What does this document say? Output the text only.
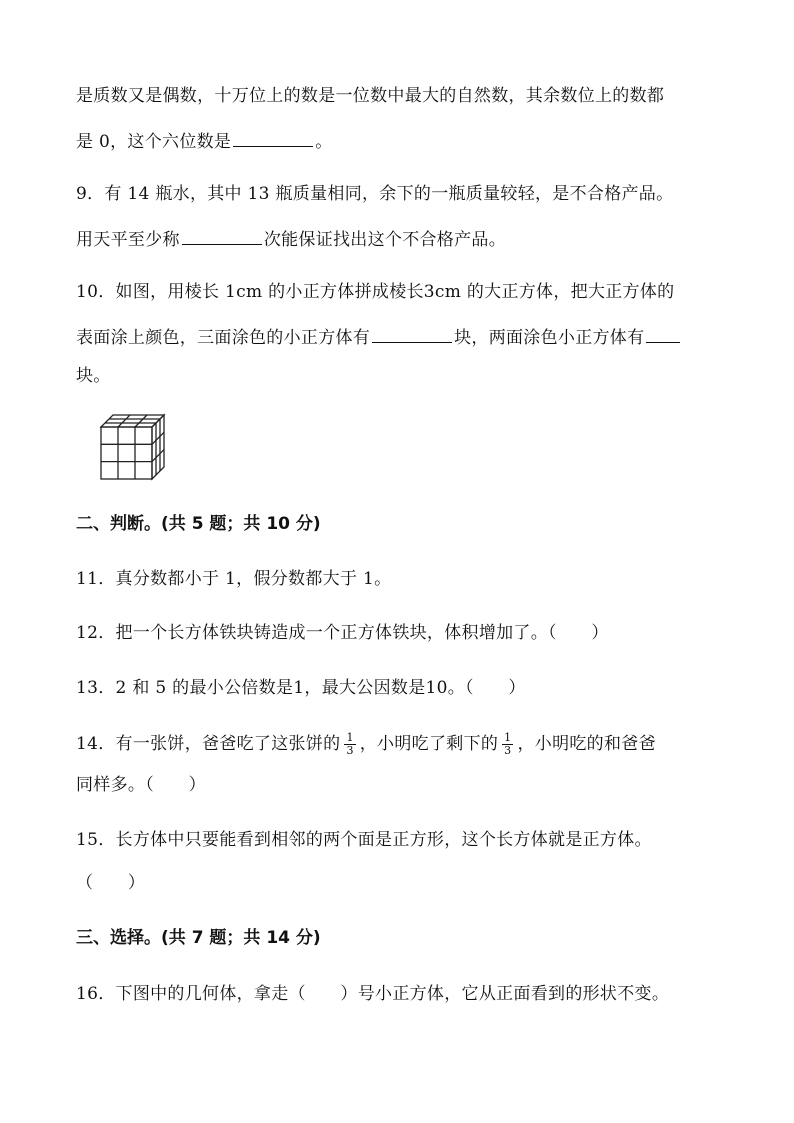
是质数又是偶数，十万位上的数是一位数中最大的自然数，其余数位上的数都
是 0，这个六位数是	。
9．有 14 瓶水，其中 13 瓶质量相同，余下的一瓶质量较轻，是不合格产品。
用天平至少称	次能保证找出这个不合格产品。
10．如图，用棱长 1cm 的小正方体拼成棱长3cm 的大正方体，把大正方体的
表面涂上颜色，三面涂色的小正方体有	块，两面涂色小正方体有
块。
二、判断。(共 5 题；共 10 分)
11．真分数都小于 1，假分数都大于 1。
12．把一个长方体铁块铸造成一个正方体铁块，体积增加了。（　　）
13．2 和 5 的最小公倍数是1，最大公因数是10。（　　）
14．有一张饼，爸爸吃了这张饼的 $\frac{1}{3}$ ，小明吃了剩下的 $\frac{1}{3}$ ，小明吃的和爸爸
同样多。（　　）
15．长方体中只要能看到相邻的两个面是正方形，这个长方体就是正方体。
（　　）
三、选择。(共 7 题；共 14 分)
16．下图中的几何体，拿走（　　）号小正方体，它从正面看到的形状不变。
